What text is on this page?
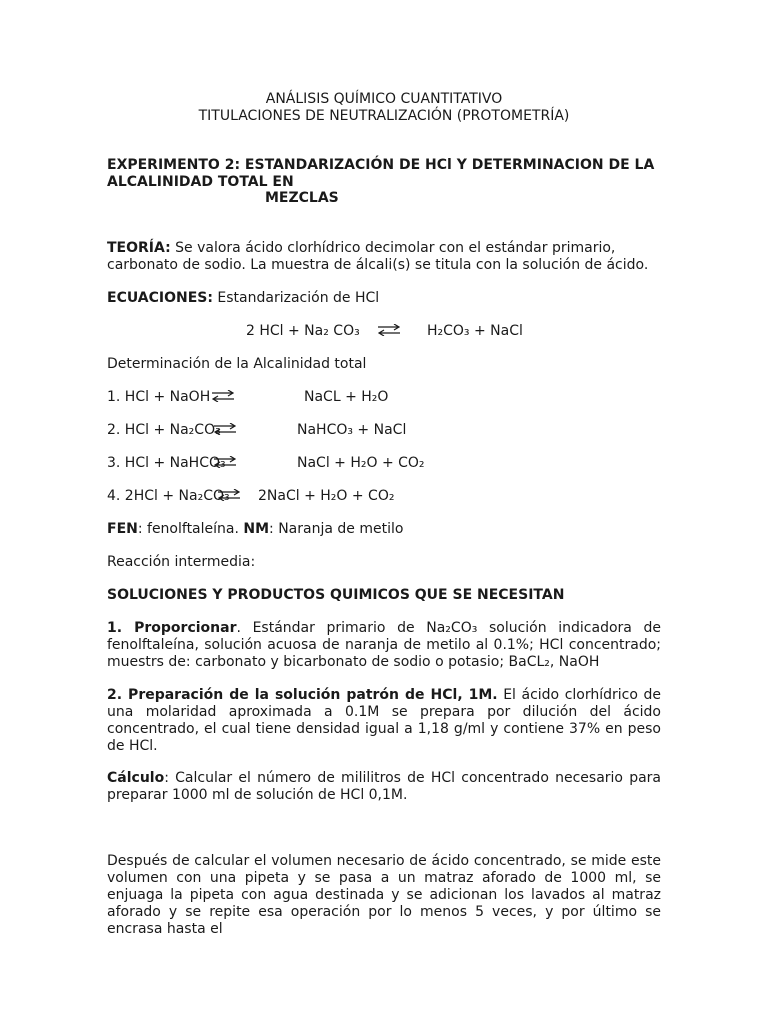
ANÁLISIS QUÍMICO CUANTITATIVO
TITULACIONES DE NEUTRALIZACIÓN (PROTOMETRÍA)
EXPERIMENTO 2: ESTANDARIZACIÓN DE HCl Y DETERMINACION DE LA
ALCALINIDAD TOTAL EN
MEZCLAS
TEORÍA: Se valora ácido clorhídrico decimolar con el estándar primario,
carbonato de sodio. La muestra de álcali(s) se titula con la solución de ácido.
ECUACIONES: Estandarización de HCl
2 HCl + Na₂ CO₃ ⇌ H₂CO₃ + NaCl
Determinación de la Alcalinidad total
1. HCl + NaOH ⇌	NaCL + H₂O
2. HCl + Na₂CO₃	NaHCO₃ + NaCl
3. HCl + NaHCO₃	NaCl + H₂O + CO₂
4. 2HCl + Na₂CO₃ ⇌ 2NaCl + H₂O + CO₂
FEN: fenolftaleína. NM: Naranja de metilo
Reacción intermedia:
SOLUCIONES Y PRODUCTOS QUIMICOS QUE SE NECESITAN
1. Proporcionar. Estándar primario de Na₂CO₃ solución indicadora de fenolftaleína, solución acuosa de naranja de metilo al 0.1%; HCl concentrado; muestrs de: carbonato y bicarbonato de sodio o potasio; BaCL₂, NaOH
2. Preparación de la solución patrón de HCl, 1M. El ácido clorhídrico de una molaridad aproximada a 0.1M se prepara por dilución del ácido concentrado, el cual tiene densidad igual a 1,18 g/ml y contiene 37% en peso de HCl.
Cálculo: Calcular el número de mililitros de HCl concentrado necesario para preparar 1000 ml de solución de HCl 0,1M.
Después de calcular el volumen necesario de ácido concentrado, se mide este volumen con una pipeta y se pasa a un matraz aforado de 1000 ml, se enjuaga la pipeta con agua destinada y se adicionan los lavados al matraz aforado y se repite esa operación por lo menos 5 veces, y por último se encrasa hasta el
